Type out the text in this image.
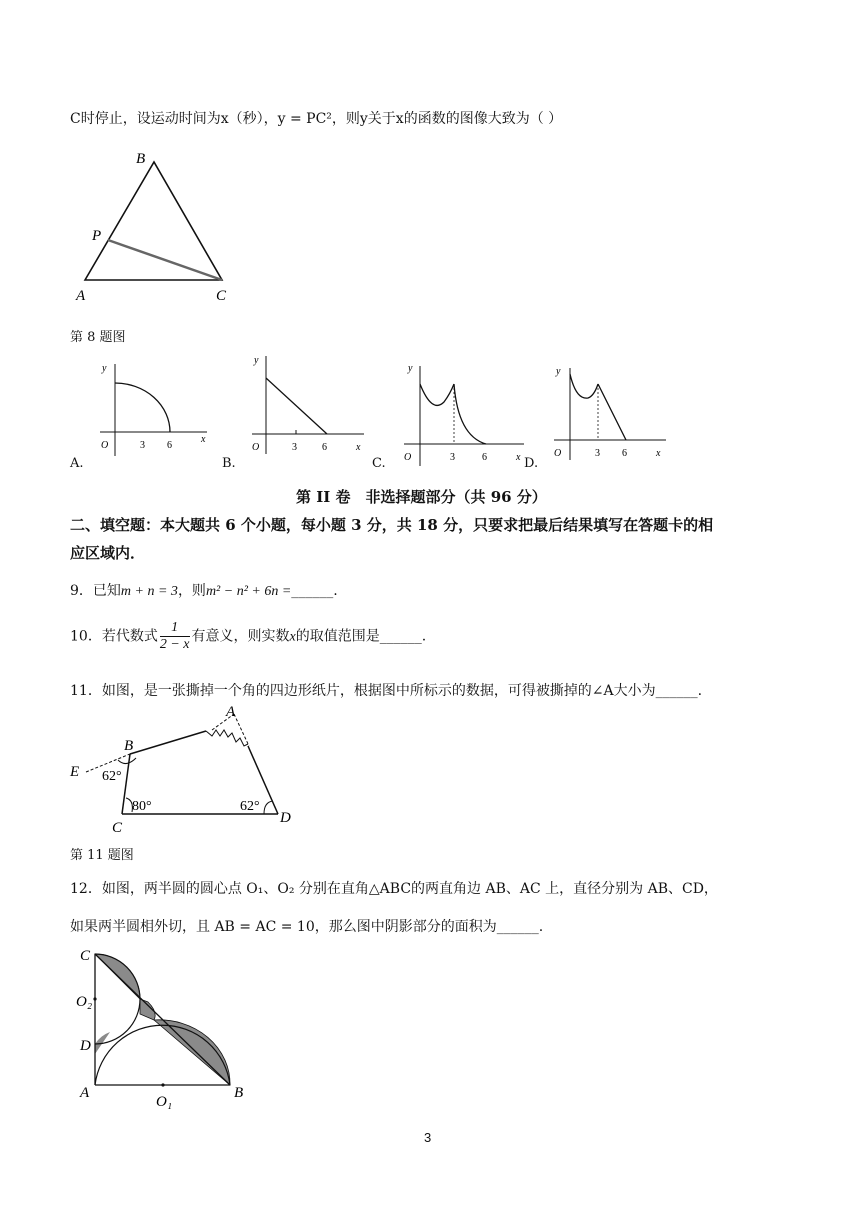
C时停止，设运动时间为x（秒），y = PC²，则y关于x的函数的图像大致为（ ）
B
P
A	C
第 8 题图
y
x
O	3 6
A.
y
x
O	3	6
B.
y
x
O	3	6
C.	D.
y
x
O	3 6
第 II 卷　非选择题部分（共 96 分）
二、填空题：本大题共 6 个小题，每小题 3 分，共 18 分，只要求把最后结果填写在答题卡的相
应区域内．
9．已知m + n = 3，则m² − n² + 6n =______.
10．若代数式 $\frac{1}{2 - x}$ 有意义，则实数x的取值范围是______.
11．如图，是一张撕掉一个角的四边形纸片，根据图中所标示的数据，可得被撕掉的∠A大小为______.
A
B
E 62°
80°	62°
C
D
第 11 题图
12．如图，两半圆的圆心点 O₁、O₂ 分别在直角△ABC的两直角边 AB、AC 上，直径分别为 AB、CD，
如果两半圆相外切，且 AB = AC = 10，那么图中阴影部分的面积为______.
C
O₂
D
A
O₁
B
3
